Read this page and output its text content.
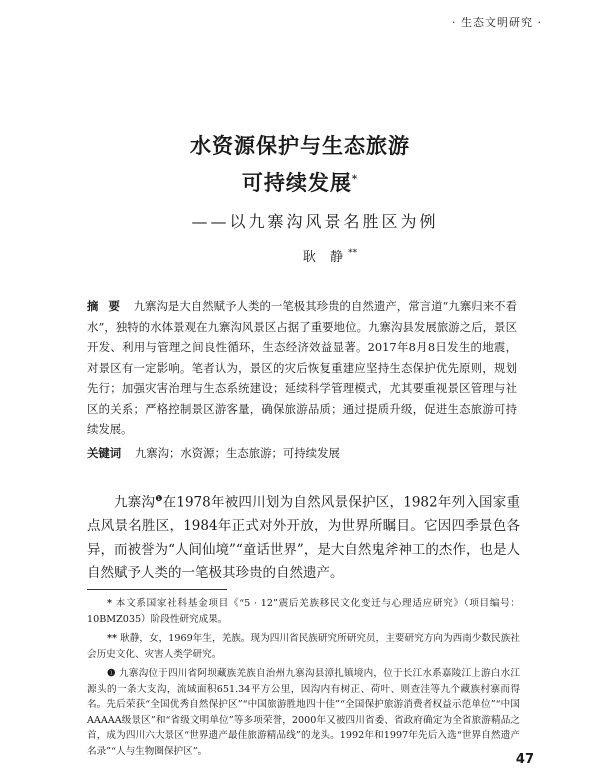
· 生态文明研究 ·
水资源保护与生态旅游
可持续发展*
——以九寨沟风景名胜区为例
耿 静**
摘要 九寨沟是大自然赋予人类的一笔极其珍贵的自然遗产，常言道“九寨归来不看水”，独特的水体景观在九寨沟风景区占据了重要地位。九寨沟县发展旅游之后，景区开发、利用与管理之间良性循环，生态经济效益显著。2017年8月8日发生的地震，对景区有一定影响。笔者认为，景区的灾后恢复重建应坚持生态保护优先原则，规划先行；加强灾害治理与生态系统建设；延续科学管理模式，尤其要重视景区管理与社区的关系；严格控制景区游客量，确保旅游品质；通过提质升级，促进生态旅游可持续发展。
关键词 九寨沟；水资源；生态旅游；可持续发展
九寨沟$^❶$在1978年被四川划为自然风景保护区，1982年列入国家重点风景名胜区，1984年正式对外开放，为世界所瞩目。它因四季景色各异，而被誉为“人间仙境”“童话世界”，是大自然鬼斧神工的杰作，也是人自然赋予人类的一笔极其珍贵的自然遗产。

* 本文系国家社科基金项目《“5 · 12”震后羌族移民文化变迁与心理适应研究》（项目编号：10BMZ035）阶段性研究成果。

** 耿静，女，1969年生，羌族。现为四川省民族研究所研究员，主要研究方向为西南少数民族社会历史文化、灾害人类学研究。

❶ 九寨沟位于四川省阿坝藏族羌族自治州九寨沟县漳扎镇境内，位于长江水系嘉陵江上游白水江源头的一条大支沟，流域面积651.34平方公里，因沟内有树正、荷叶、则查洼等九个藏族村寨而得名。先后荣获“全国优秀自然保护区”“中国旅游胜地四十佳”“全国保护旅游消费者权益示范单位”“中国AAAAA级景区”和“省级文明单位”等多项荣誉，2000年又被四川省委、省政府确定为全省旅游精品之首，成为四川六大景区“世界遗产最佳旅游精品线”的龙头。1992年和1997年先后入选“世界自然遗产名录”“人与生物圈保护区”。

47
